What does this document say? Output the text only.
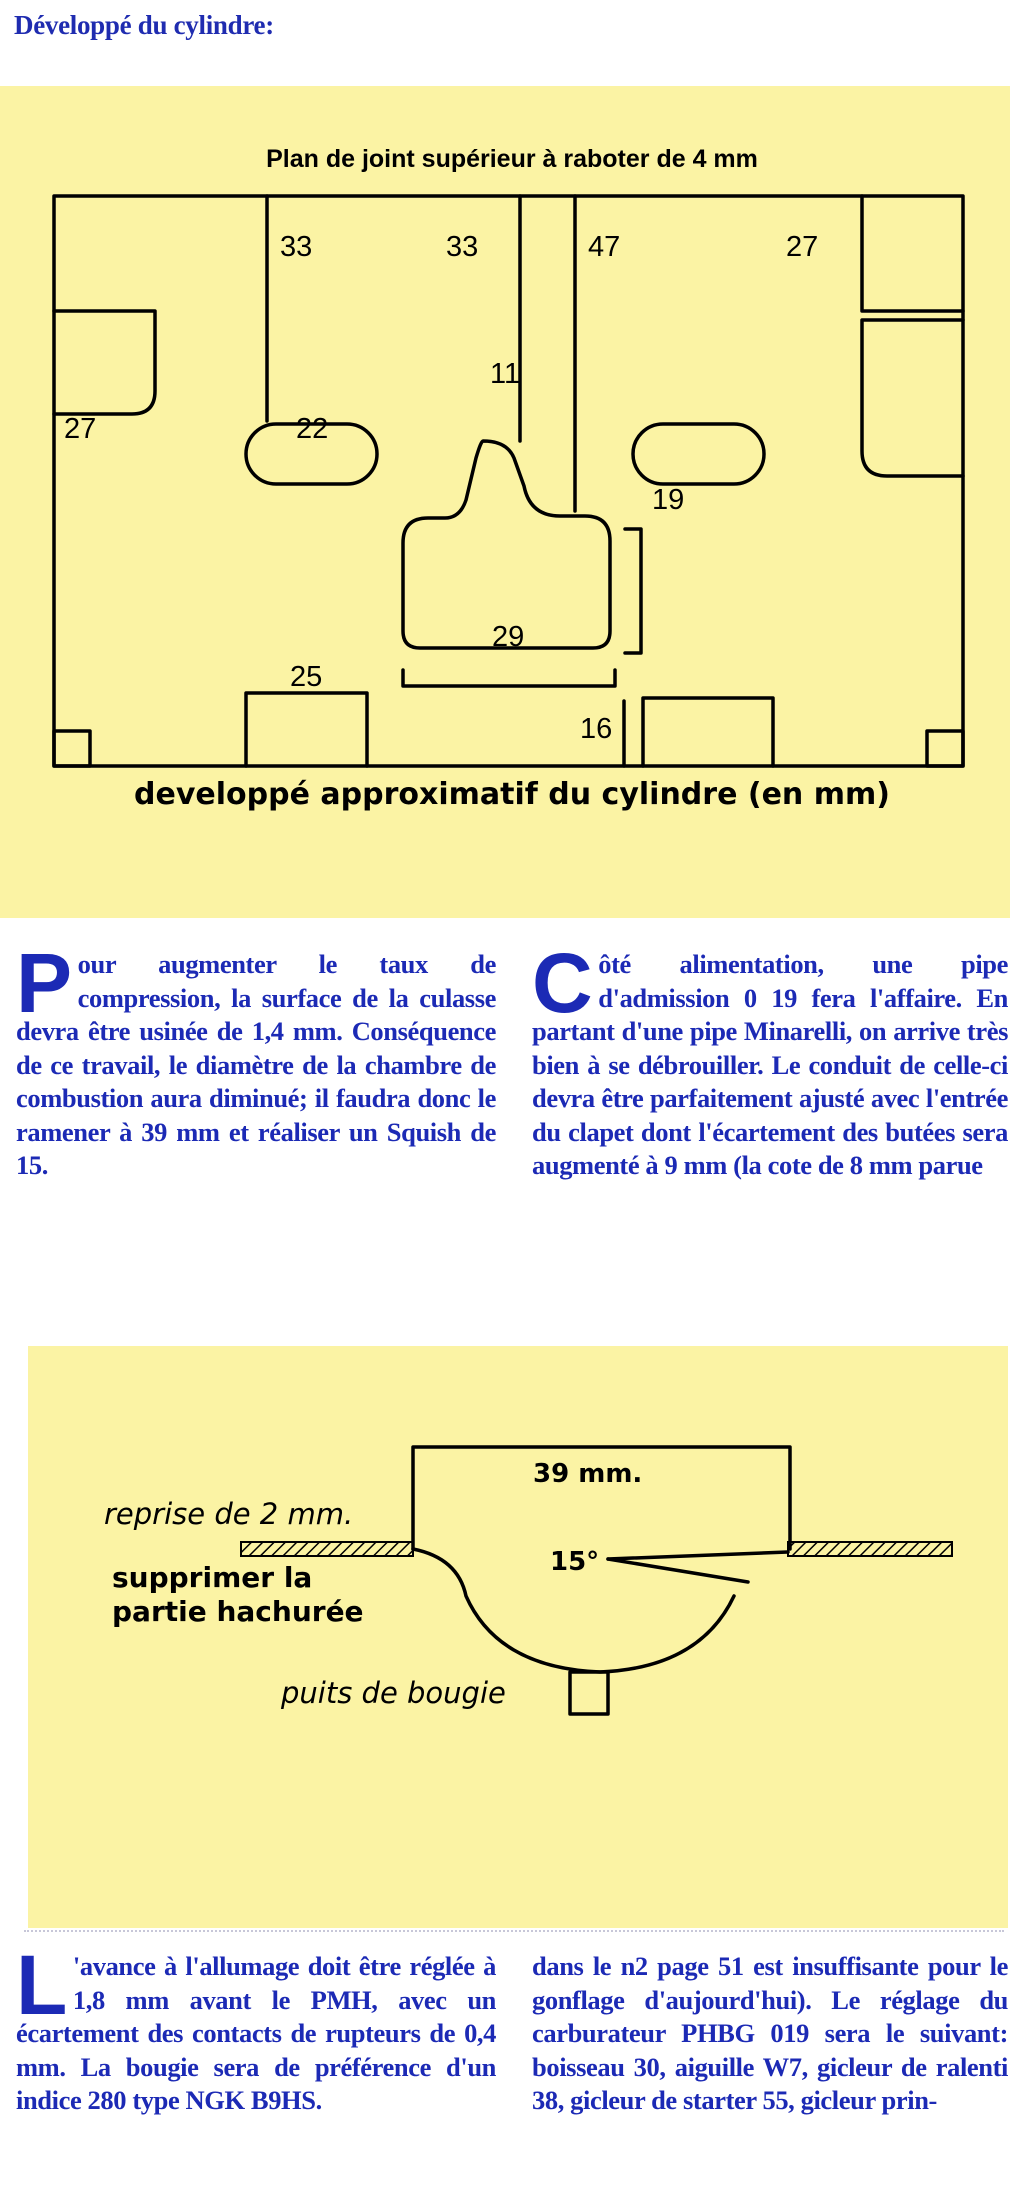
Développé du cylindre:
Plan de joint supérieur à raboter de 4 mm
33	33	47	27
11
27	22
19
29
25
16
developpé approximatif du cylindre (en mm)
Pour augmenter le taux de compression, la surface de la culasse devra être usinée de 1,4 mm. Conséquence de ce travail, le diamètre de la chambre de combustion aura diminué; il faudra donc le ramener à 39 mm et réaliser un Squish de 15.
Côté alimentation, une pipe d'admission 0 19 fera l'affaire. En partant d'une pipe Minarelli, on arrive très bien à se débrouiller. Le conduit de celle-ci devra être parfaitement ajusté avec l'entrée du clapet dont l'écartement des butées sera augmenté à 9 mm (la cote de 8 mm parue
39 mm.
reprise de 2 mm.
15°
supprimer la
partie hachurée
puits de bougie
L 'avance à l'allumage doit être réglée à 1,8 mm avant le PMH, avec un écartement des contacts de rupteurs de 0,4 mm. La bougie sera de préférence d'un indice 280 type NGK B9HS.
dans le n2 page 51 est insuffisante pour le gonflage d'aujourd'hui). Le réglage du carburateur PHBG 019 sera le suivant: boisseau 30, aiguille W7, gicleur de ralenti 38, gicleur de starter 55, gicleur prin-
